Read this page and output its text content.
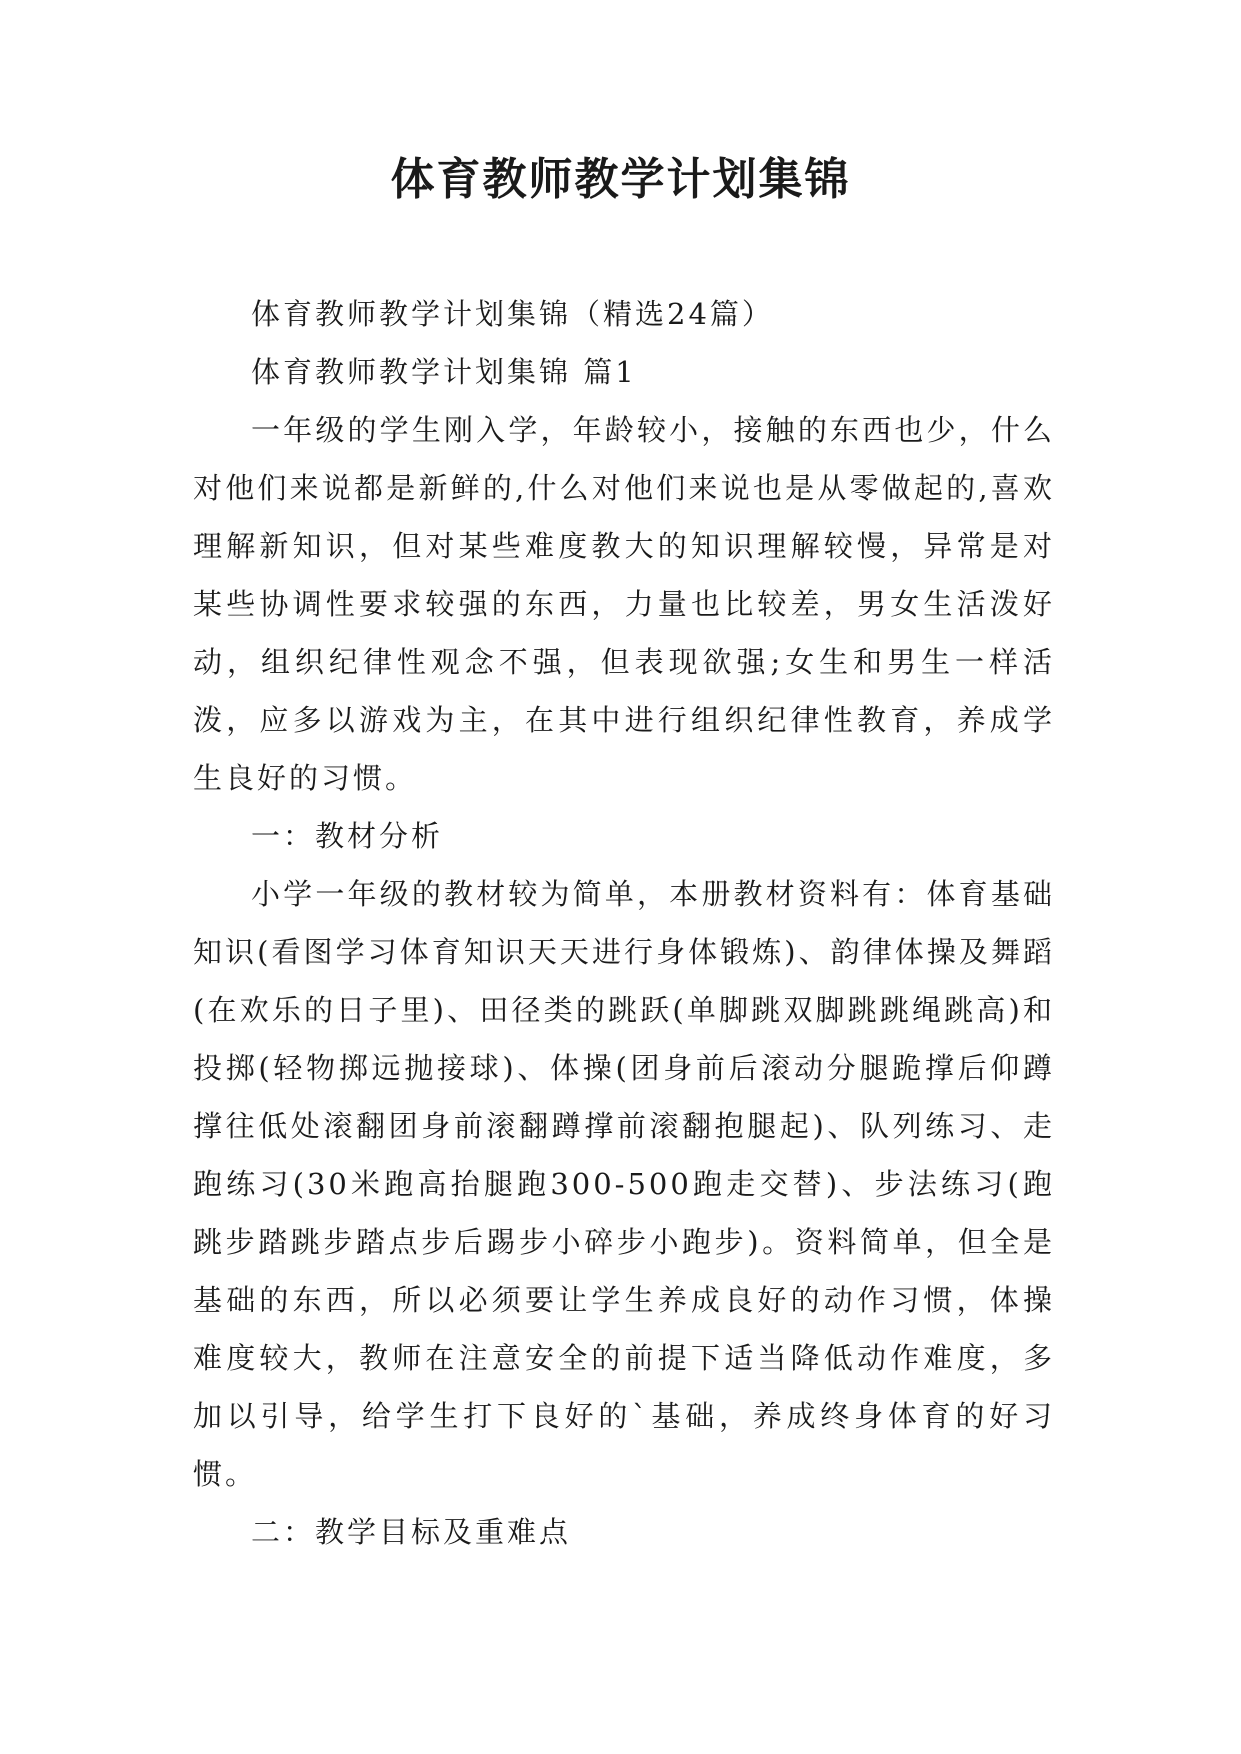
体育教师教学计划集锦

体育教师教学计划集锦（精选24篇）

体育教师教学计划集锦 篇1

一年级的学生刚入学，年龄较小，接触的东西也少，什么对他们来说都是新鲜的,什么对他们来说也是从零做起的,喜欢理解新知识，但对某些难度教大的知识理解较慢，异常是对某些协调性要求较强的东西，力量也比较差，男女生活泼好动，组织纪律性观念不强，但表现欲强;女生和男生一样活泼，应多以游戏为主，在其中进行组织纪律性教育，养成学生良好的习惯。

一：教材分析

小学一年级的教材较为简单，本册教材资料有：体育基础知识(看图学习体育知识天天进行身体锻炼)、韵律体操及舞蹈(在欢乐的日子里)、田径类的跳跃(单脚跳双脚跳跳绳跳高)和投掷(轻物掷远抛接球)、体操(团身前后滚动分腿跪撑后仰蹲撑往低处滚翻团身前滚翻蹲撑前滚翻抱腿起)、队列练习、走跑练习(30米跑高抬腿跑300-500跑走交替)、步法练习(跑跳步踏跳步踏点步后踢步小碎步小跑步)。资料简单，但全是基础的东西，所以必须要让学生养成良好的动作习惯，体操难度较大，教师在注意安全的前提下适当降低动作难度，多加以引导，给学生打下良好的`基础，养成终身体育的好习惯。

二：教学目标及重难点
